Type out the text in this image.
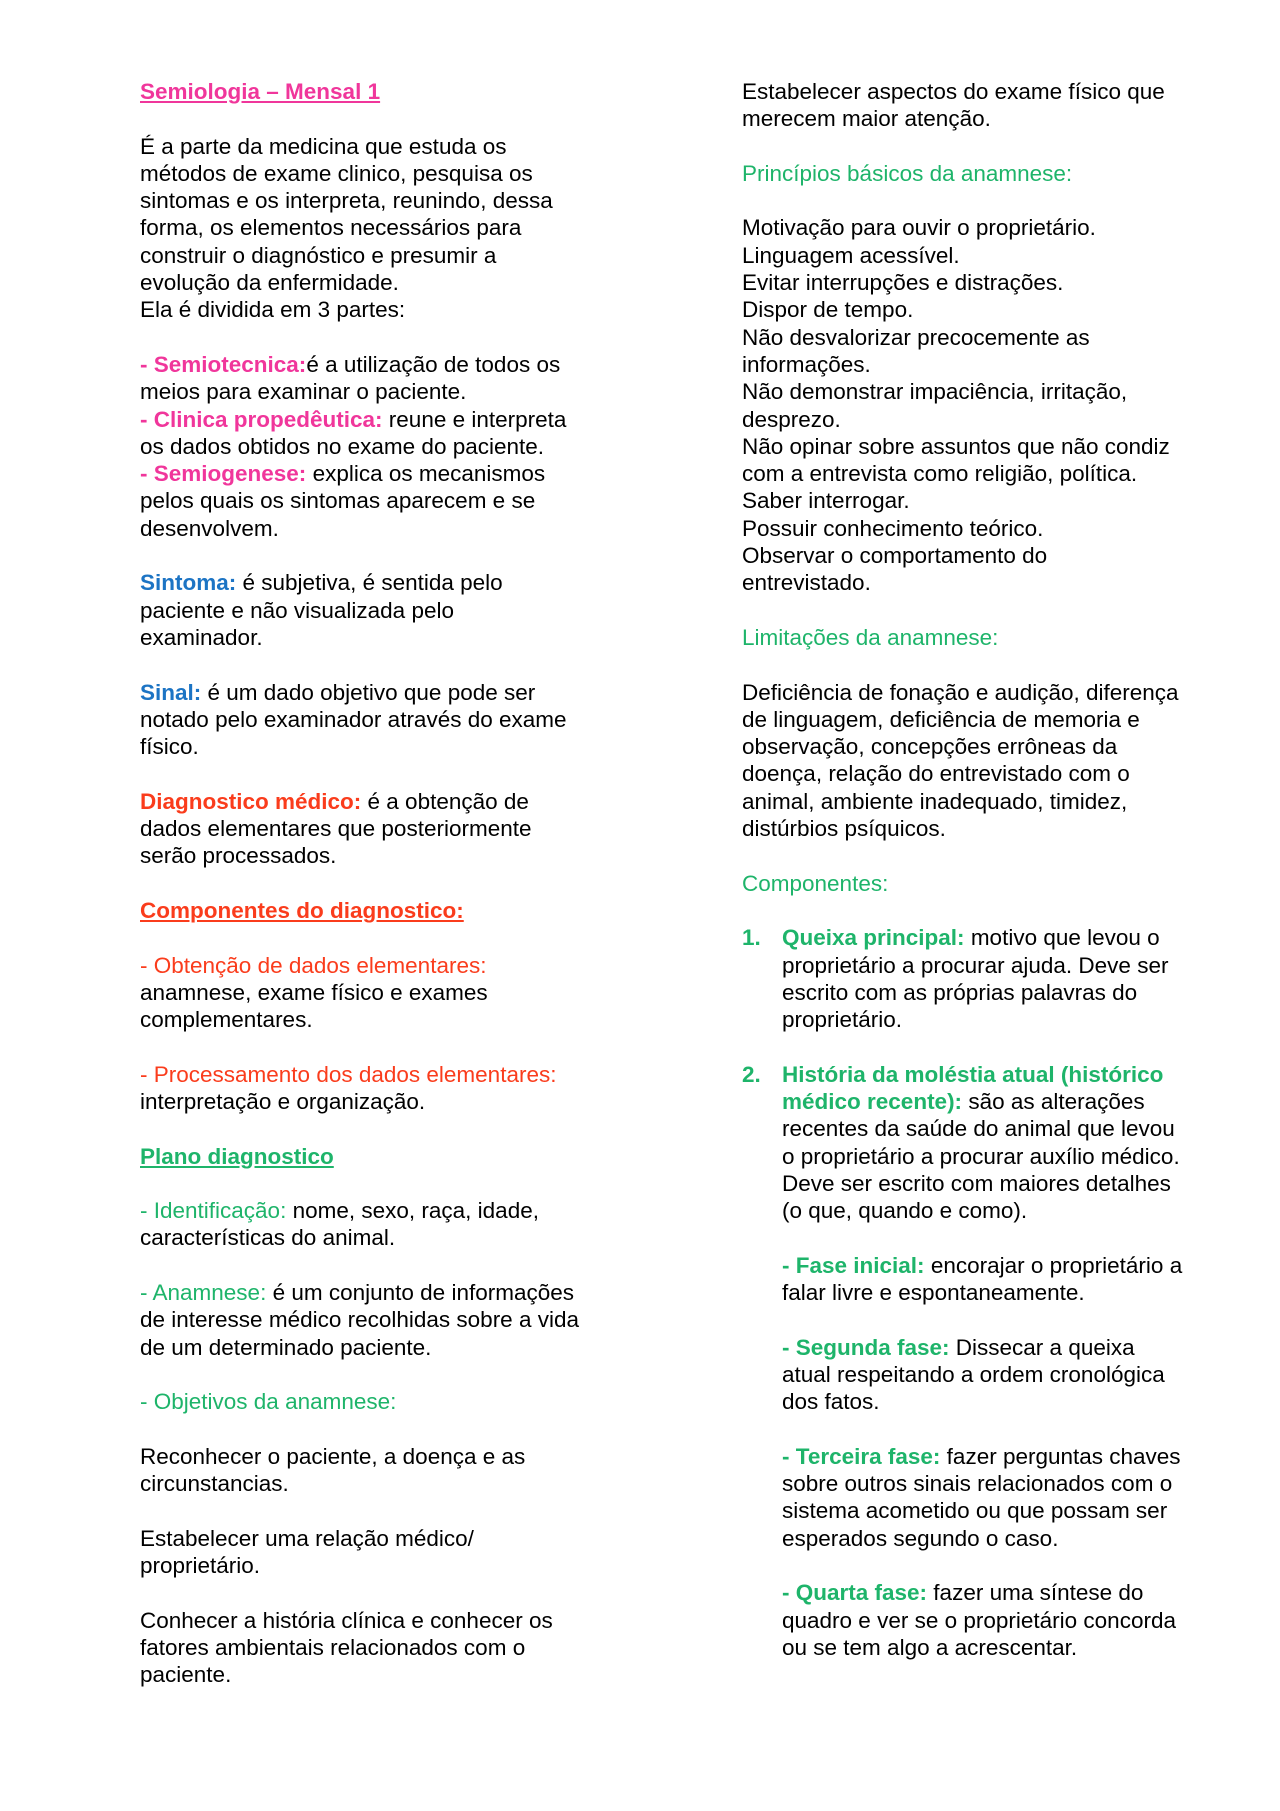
Semiologia – Mensal 1

É a parte da medicina que estuda os
métodos de exame clinico, pesquisa os
sintomas e os interpreta, reunindo, dessa
forma, os elementos necessários para
construir o diagnóstico e presumir a
evolução da enfermidade.
Ela é dividida em 3 partes:

- Semiotecnica:é a utilização de todos os
meios para examinar o paciente.
- Clinica propedêutica: reune e interpreta
os dados obtidos no exame do paciente.
- Semiogenese: explica os mecanismos
pelos quais os sintomas aparecem e se
desenvolvem.

Sintoma: é subjetiva, é sentida pelo
paciente e não visualizada pelo
examinador.

Sinal: é um dado objetivo que pode ser
notado pelo examinador através do exame
físico.

Diagnostico médico: é a obtenção de
dados elementares que posteriormente
serão processados.

Componentes do diagnostico:

- Obtenção de dados elementares:
anamnese, exame físico e exames
complementares.

- Processamento dos dados elementares:
interpretação e organização.

Plano diagnostico

- Identificação: nome, sexo, raça, idade,
características do animal.

- Anamnese: é um conjunto de informações
de interesse médico recolhidas sobre a vida
de um determinado paciente.

- Objetivos da anamnese:

Reconhecer o paciente, a doença e as
circunstancias.

Estabelecer uma relação médico/
proprietário.

Conhecer a história clínica e conhecer os
fatores ambientais relacionados com o
paciente.

Estabelecer aspectos do exame físico que
merecem maior atenção.

Princípios básicos da anamnese:

Motivação para ouvir o proprietário.
Linguagem acessível.
Evitar interrupções e distrações.
Dispor de tempo.
Não desvalorizar precocemente as
informações.
Não demonstrar impaciência, irritação,
desprezo.
Não opinar sobre assuntos que não condiz
com a entrevista como religião, política.
Saber interrogar.
Possuir conhecimento teórico.
Observar o comportamento do
entrevistado.

Limitações da anamnese:

Deficiência de fonação e audição, diferença
de linguagem, deficiência de memoria e
observação, concepções errôneas da
doença, relação do entrevistado com o
animal, ambiente inadequado, timidez,
distúrbios psíquicos.

Componentes:

1. Queixa principal: motivo que levou o
proprietário a procurar ajuda. Deve ser
escrito com as próprias palavras do
proprietário.
2. História da moléstia atual (histórico
médico recente): são as alterações
recentes da saúde do animal que levou
o proprietário a procurar auxílio médico.
Deve ser escrito com maiores detalhes
(o que, quando e como).
- Fase inicial: encorajar o proprietário a
falar livre e espontaneamente.
- Segunda fase: Dissecar a queixa
atual respeitando a ordem cronológica
dos fatos.
- Terceira fase: fazer perguntas chaves
sobre outros sinais relacionados com o
sistema acometido ou que possam ser
esperados segundo o caso.
- Quarta fase: fazer uma síntese do
quadro e ver se o proprietário concorda
ou se tem algo a acrescentar.
